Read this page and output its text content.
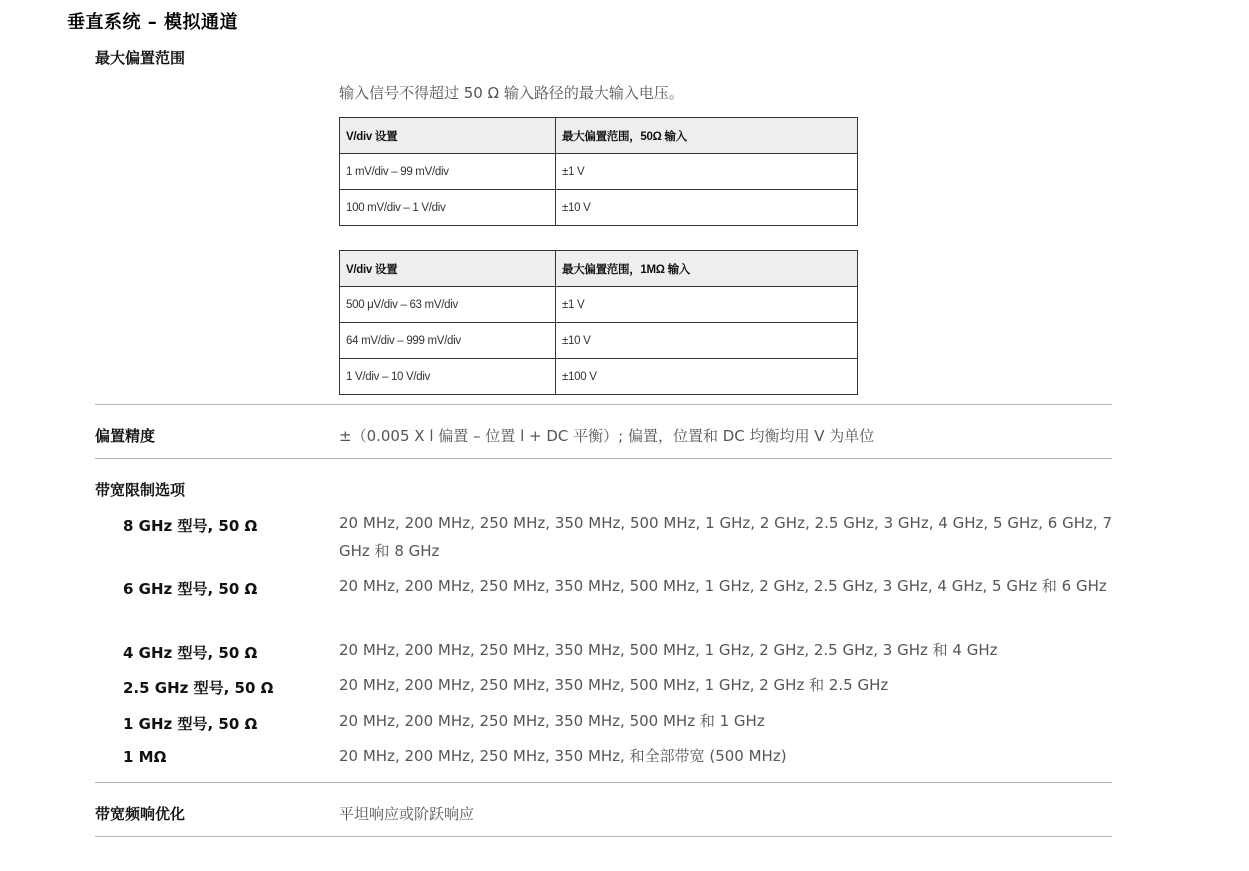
垂直系统 – 模拟通道
最大偏置范围
输入信号不得超过 50 Ω 输入路径的最大输入电压。
V/div 设置	最大偏置范围，50Ω 输入
1 mV/div – 99 mV/div	±1 V
100 mV/div – 1 V/div	±10 V
V/div 设置	最大偏置范围，1MΩ 输入
500 μV/div – 63 mV/div	±1 V
64 mV/div – 999 mV/div	±10 V
1 V/div – 10 V/div	±100 V
偏置精度	±（0.005 X l 偏置 – 位置 l + DC 平衡）; 偏置，位置和 DC 均衡均用 V 为单位
带宽限制选项
8 GHz 型号, 50 Ω	20 MHz, 200 MHz, 250 MHz, 350 MHz, 500 MHz, 1 GHz, 2 GHz, 2.5 GHz, 3 GHz, 4 GHz, 5 GHz, 6 GHz, 7 GHz 和 8 GHz
6 GHz 型号, 50 Ω	20 MHz, 200 MHz, 250 MHz, 350 MHz, 500 MHz, 1 GHz, 2 GHz, 2.5 GHz, 3 GHz, 4 GHz, 5 GHz 和 6 GHz
4 GHz 型号, 50 Ω	20 MHz, 200 MHz, 250 MHz, 350 MHz, 500 MHz, 1 GHz, 2 GHz, 2.5 GHz, 3 GHz 和 4 GHz
2.5 GHz 型号, 50 Ω	20 MHz, 200 MHz, 250 MHz, 350 MHz, 500 MHz, 1 GHz, 2 GHz 和 2.5 GHz
1 GHz 型号, 50 Ω	20 MHz, 200 MHz, 250 MHz, 350 MHz, 500 MHz 和 1 GHz
1 MΩ	20 MHz, 200 MHz, 250 MHz, 350 MHz, 和全部带宽 (500 MHz)
带宽频响优化	平坦响应或阶跃响应
